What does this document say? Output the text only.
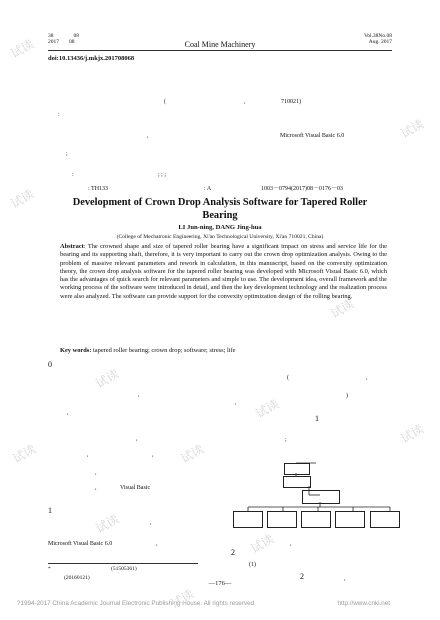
38	08
2017 08	Coal Mine Machinery
Vol.38No.08
Aug. 2017
doi:10.13436/j.mkjx.201708068
(	,	710021)
:
,	Microsoft Visual Basic 6.0
;
:	; ; ;
: TH133	: A	1003－0794(2017)08－0176－03
Development of Crown Drop Analysis Software for Tapered Roller Bearing
LI Jun-ning, DANG Jing-hua
(College of Mechatronic Engineering, Xi'an Technological University, Xi'an 710021, China)
Abstract: The crowned shape and size of tapered roller bearing have a significant impact on stress and service life for the bearing and its supporting shaft, therefore, it is very important to carry out the crown drop optimization analysis. Owing to the problem of massive relevant parameters and rework in calculation, in this manuscript, based on the convexity optimization theory, the crown drop analysis software for the tapered roller bearing was developed with Microsoft Visual Basic 6.0, which has the advantages of quick search for relevant parameters and simple to use. The development idea, overall framework and the working process of the software were introduced in detail, and then the key development technology and the realization process were also analyzed. The software can provide support for the convexity optimization design of the rolling bearing.
Key words: tapered roller bearing; crown drop; software; stress; life
0
(	,
,	)
,
,
1
;
,
,	,
,
,	Visual Basic
1
,
Microsoft Visual Basic 6.0	,
2
,
(1)
2	,
*	(51505361)
(20160121)
—176—
?1994-2017 China Academic Journal Electronic Publishing House. All rights reserved.	http://www.cnki.net
试读
试读
试读
试读
试读
试读
试读	试读
试读
试读
试读
试读
